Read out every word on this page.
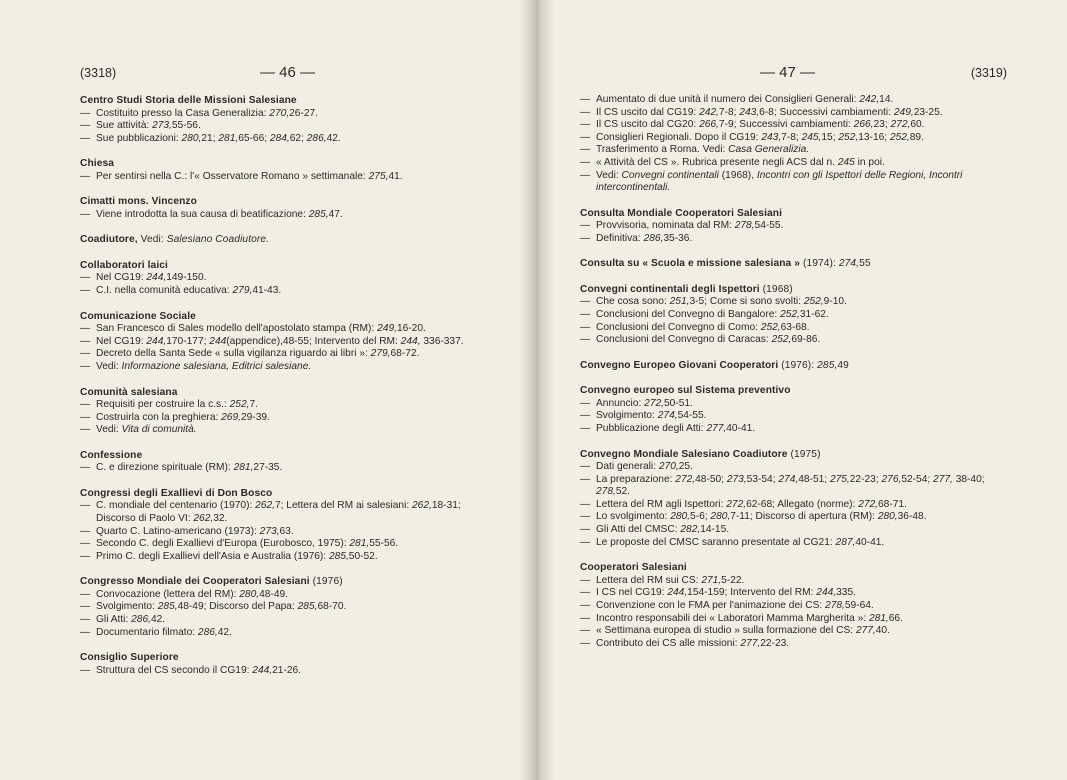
(3318)	— 46 —
Centro Studi Storia delle Missioni Salesiane
— Costituito presso la Casa Generalizia: 270,26-27.
— Sue attività: 273,55-56.
— Sue pubblicazioni: 280,21; 281,65-66; 284,62; 286,42.
Chiesa
— Per sentirsi nella C.: l'« Osservatore Romano » settimanale: 275,41.
Cimatti mons. Vincenzo
— Viene introdotta la sua causa di beatificazione: 285,47.
Coadiutore, Vedi: Salesiano Coadiutore.
Collaboratori laici
— Nel CG19: 244,149-150.
— C.I. nella comunità educativa: 279,41-43.
Comunicazione Sociale
— San Francesco di Sales modello dell'apostolato stampa (RM): 249,16-20.
— Nel CG19: 244,170-177; 244(appendice),48-55; Intervento del RM: 244, 336-337.
— Decreto della Santa Sede « sulla vigilanza riguardo ai libri »: 279,68-72.
— Vedi: Informazione salesiana, Editrici salesiane.
Comunità salesiana
— Requisiti per costruire la c.s.: 252,7.
— Costruirla con la preghiera: 269,29-39.
— Vedi: Vita di comunità.
Confessione
— C. e direzione spirituale (RM): 281,27-35.
Congressi degli Exallievi di Don Bosco
— C. mondiale del centenario (1970): 262,7; Lettera del RM ai salesiani: 262,18-31; Discorso di Paolo VI: 262,32.
— Quarto C. Latino-americano (1973): 273,63.
— Secondo C. degli Exallievi d'Europa (Eurobosco, 1975): 281,55-56.
— Primo C. degli Exallievi dell'Asia e Australia (1976): 285,50-52.
Congresso Mondiale dei Cooperatori Salesiani (1976)
— Convocazione (lettera del RM): 280,48-49.
— Svolgimento: 285,48-49; Discorso del Papa: 285,68-70.
— Gli Atti: 286,42.
— Documentario filmato: 286,42.
Consiglio Superiore
— Struttura del CS secondo il CG19: 244,21-26.
— 47 —	(3319)
— Aumentato di due unità il numero dei Consiglieri Generali: 242,14.
— Il CS uscito dal CG19: 242,7-8; 243,6-8; Successivi cambiamenti: 249,23-25.
— Il CS uscito dal CG20: 266,7-9; Successivi cambiamenti: 266,23; 272,60.
— Consiglieri Regionali. Dopo il CG19: 243,7-8; 245,15; 252,13-16; 252,89.
— Trasferimento a Roma. Vedi: Casa Generalizia.
— « Attività del CS ». Rubrica presente negli ACS dal n. 245 in poi.
— Vedi: Convegni continentali (1968), Incontri con gli Ispettori delle Regioni, Incontri intercontinentali.
Consulta Mondiale Cooperatori Salesiani
— Provvisoria, nominata dal RM: 278,54-55.
— Definitiva: 286,35-36.
Consulta su « Scuola e missione salesiana » (1974): 274,55
Convegni continentali degli Ispettori (1968)
— Che cosa sono: 251,3-5; Come si sono svolti: 252,9-10.
— Conclusioni del Convegno di Bangalore: 252,31-62.
— Conclusioni del Convegno di Como: 252,63-68.
— Conclusioni del Convegno di Caracas: 252,69-86.
Convegno Europeo Giovani Cooperatori (1976): 285,49
Convegno europeo sul Sistema preventivo
— Annuncio: 272,50-51.
— Svolgimento: 274,54-55.
— Pubblicazione degli Atti: 277,40-41.
Convegno Mondiale Salesiano Coadiutore (1975)
— Dati generali: 270,25.
— La preparazione: 272,48-50; 273,53-54; 274,48-51; 275,22-23; 276,52-54; 277, 38-40; 278,52.
— Lettera del RM agli Ispettori: 272,62-68; Allegato (norme): 272,68-71.
— Lo svolgimento: 280,5-6; 280,7-11; Discorso di apertura (RM): 280,36-48.
— Gli Atti del CMSC: 282,14-15.
— Le proposte del CMSC saranno presentate al CG21: 287,40-41.
Cooperatori Salesiani
— Lettera del RM sui CS: 271,5-22.
— I CS nel CG19: 244,154-159; Intervento del RM: 244,335.
— Convenzione con le FMA per l'animazione dei CS: 278,59-64.
— Incontro responsabili dei « Laboratori Mamma Margherita »: 281,66.
— « Settimana europea di studio » sulla formazione del CS: 277,40.
— Contributo dei CS alle missioni: 277,22-23.
